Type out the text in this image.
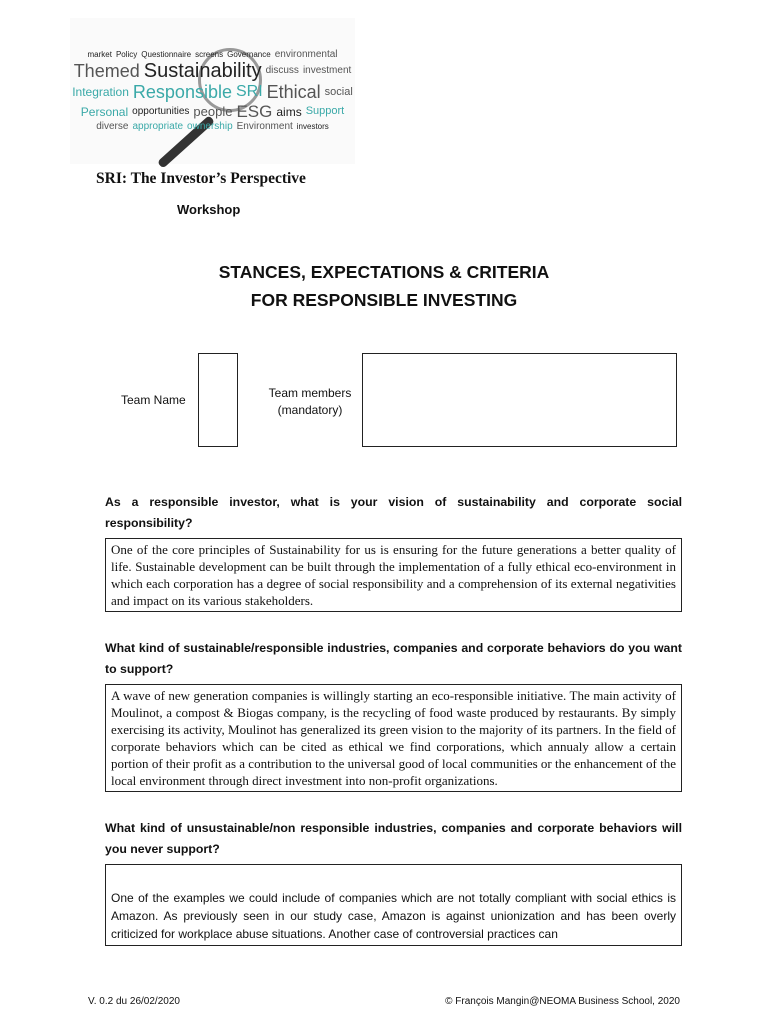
market Policy Questionnaire screens Governance environmental
Themed Sustainability discuss investment
Integration Responsible SRI Ethical social
Personal opportunities people ESG aims Support
diverse appropriate ownership Environment investors
SRI: The Investor’s Perspective
Workshop
STANCES, EXPECTATIONS & CRITERIA
FOR RESPONSIBLE INVESTING
Team Name	Team members
(mandatory)
As a responsible investor, what is your vision of sustainability and corporate social responsibility?
One of the core principles of Sustainability for us is ensuring for the future generations a better quality of life. Sustainable development can be built through the implementation of a fully ethical eco-environment in which each corporation has a degree of social responsibility and a comprehension of its external negativities and impact on its various stakeholders.
What kind of sustainable/responsible industries, companies and corporate behaviors do you want to support?
A wave of new generation companies is willingly starting an eco-responsible initiative. The main activity of Moulinot, a compost & Biogas company, is the recycling of food waste produced by restaurants. By simply exercising its activity, Moulinot has generalized its green vision to the majority of its partners. In the field of corporate behaviors which can be cited as ethical we find corporations, which annualy allow a certain portion of their profit as a contribution to the universal good of local communities or the enhancement of the local environment through direct investment into non-profit organizations.
What kind of unsustainable/non responsible industries, companies and corporate behaviors will you never support?
One of the examples we could include of companies which are not totally compliant with social ethics is Amazon. As previously seen in our study case, Amazon is against unionization and has been overly criticized for workplace abuse situations. Another case of controversial practices can
V. 0.2 du 26/02/2020	© François Mangin@NEOMA Business School, 2020
